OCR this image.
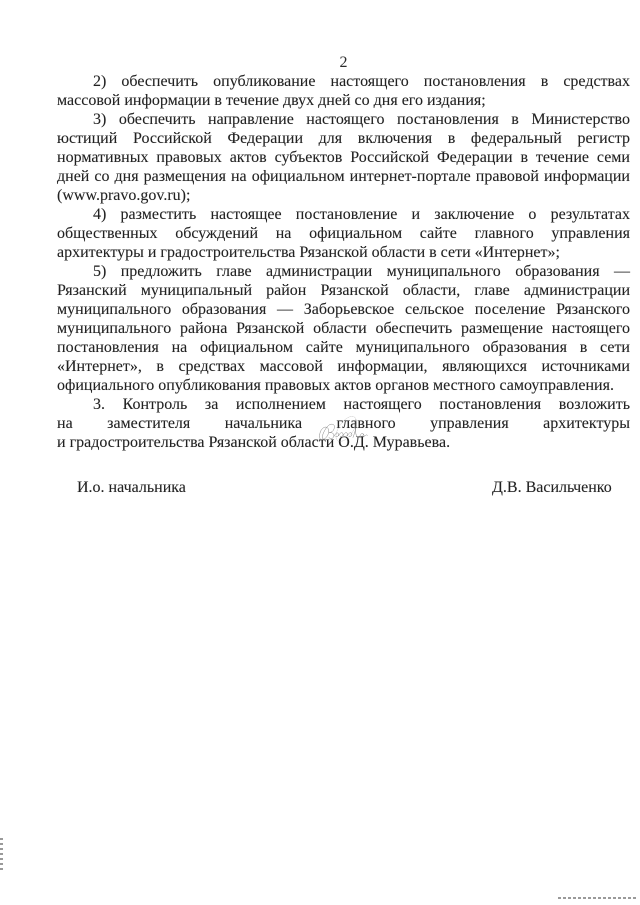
2
2) обеспечить опубликование настоящего постановления в средствах
массовой информации в течение двух дней со дня его издания;
3) обеспечить направление настоящего постановления в Министерство
юстиций Российской Федерации для включения в федеральный регистр
нормативных правовых актов субъектов Российской Федерации в течение семи
дней со дня размещения на официальном интернет-портале правовой информации
(www.pravo.gov.ru);
4) разместить настоящее постановление и заключение о результатах
общественных обсуждений на официальном сайте главного управления
архитектуры и градостроительства Рязанской области в сети «Интернет»;
5) предложить главе администрации муниципального образования —
Рязанский муниципальный район Рязанской области, главе администрации
муниципального образования — Заборьевское сельское поселение Рязанского
муниципального района Рязанской области обеспечить размещение настоящего
постановления на официальном сайте муниципального образования в сети
«Интернет», в средствах массовой информации, являющихся источниками
официального опубликования правовых актов органов местного самоуправления.
3. Контроль за исполнением настоящего постановления возложить
на заместителя начальника главного управления архитектуры
и градостроительства Рязанской области О.Д. Муравьева.
И.о. начальника	Д.В. Васильченко
